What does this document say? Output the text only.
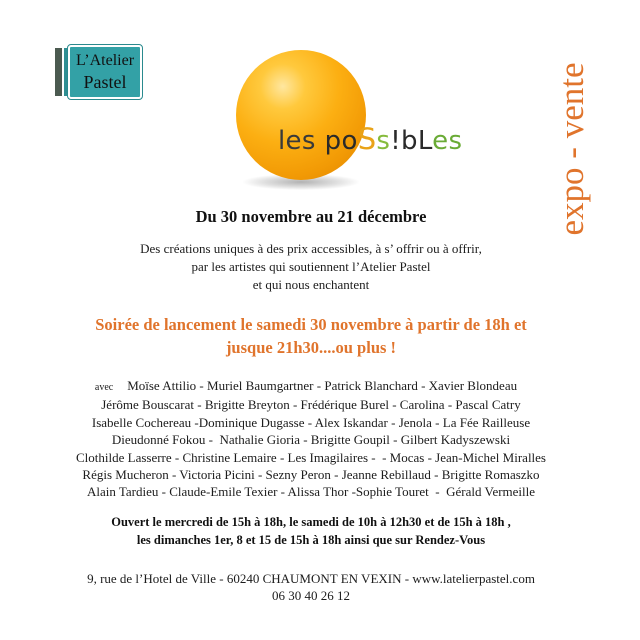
L’Atelier
Pastel
les poSs!bLes	expo - vente
Du 30 novembre au 21 décembre
Des créations uniques à des prix accessibles, à s’ offrir ou à offrir,
par les artistes qui soutiennent l’Atelier Pastel
et qui nous enchantent
Soirée de lancement le samedi 30 novembre à partir de 18h et
jusque 21h30....ou plus !
avec Moïse Attilio - Muriel Baumgartner - Patrick Blanchard - Xavier Blondeau
Jérôme Bouscarat - Brigitte Breyton - Frédérique Burel - Carolina - Pascal Catry
Isabelle Cochereau -Dominique Dugasse - Alex Iskandar - Jenola - La Fée Railleuse
Dieudonné Fokou -  Nathalie Gioria - Brigitte Goupil - Gilbert Kadyszewski
Clothilde Lasserre - Christine Lemaire - Les Imagilaires -  - Mocas - Jean-Michel Miralles
Régis Mucheron - Victoria Picini - Sezny Peron - Jeanne Rebillaud - Brigitte Romaszko
Alain Tardieu - Claude-Emile Texier - Alissa Thor -Sophie Touret  -  Gérald Vermeille
Ouvert le mercredi de 15h à 18h, le samedi de 10h à 12h30 et de 15h à 18h ,
les dimanches 1er, 8 et 15 de 15h à 18h ainsi que sur Rendez-Vous
9, rue de l’Hotel de Ville - 60240 CHAUMONT EN VEXIN - www.latelierpastel.com
06 30 40 26 12
